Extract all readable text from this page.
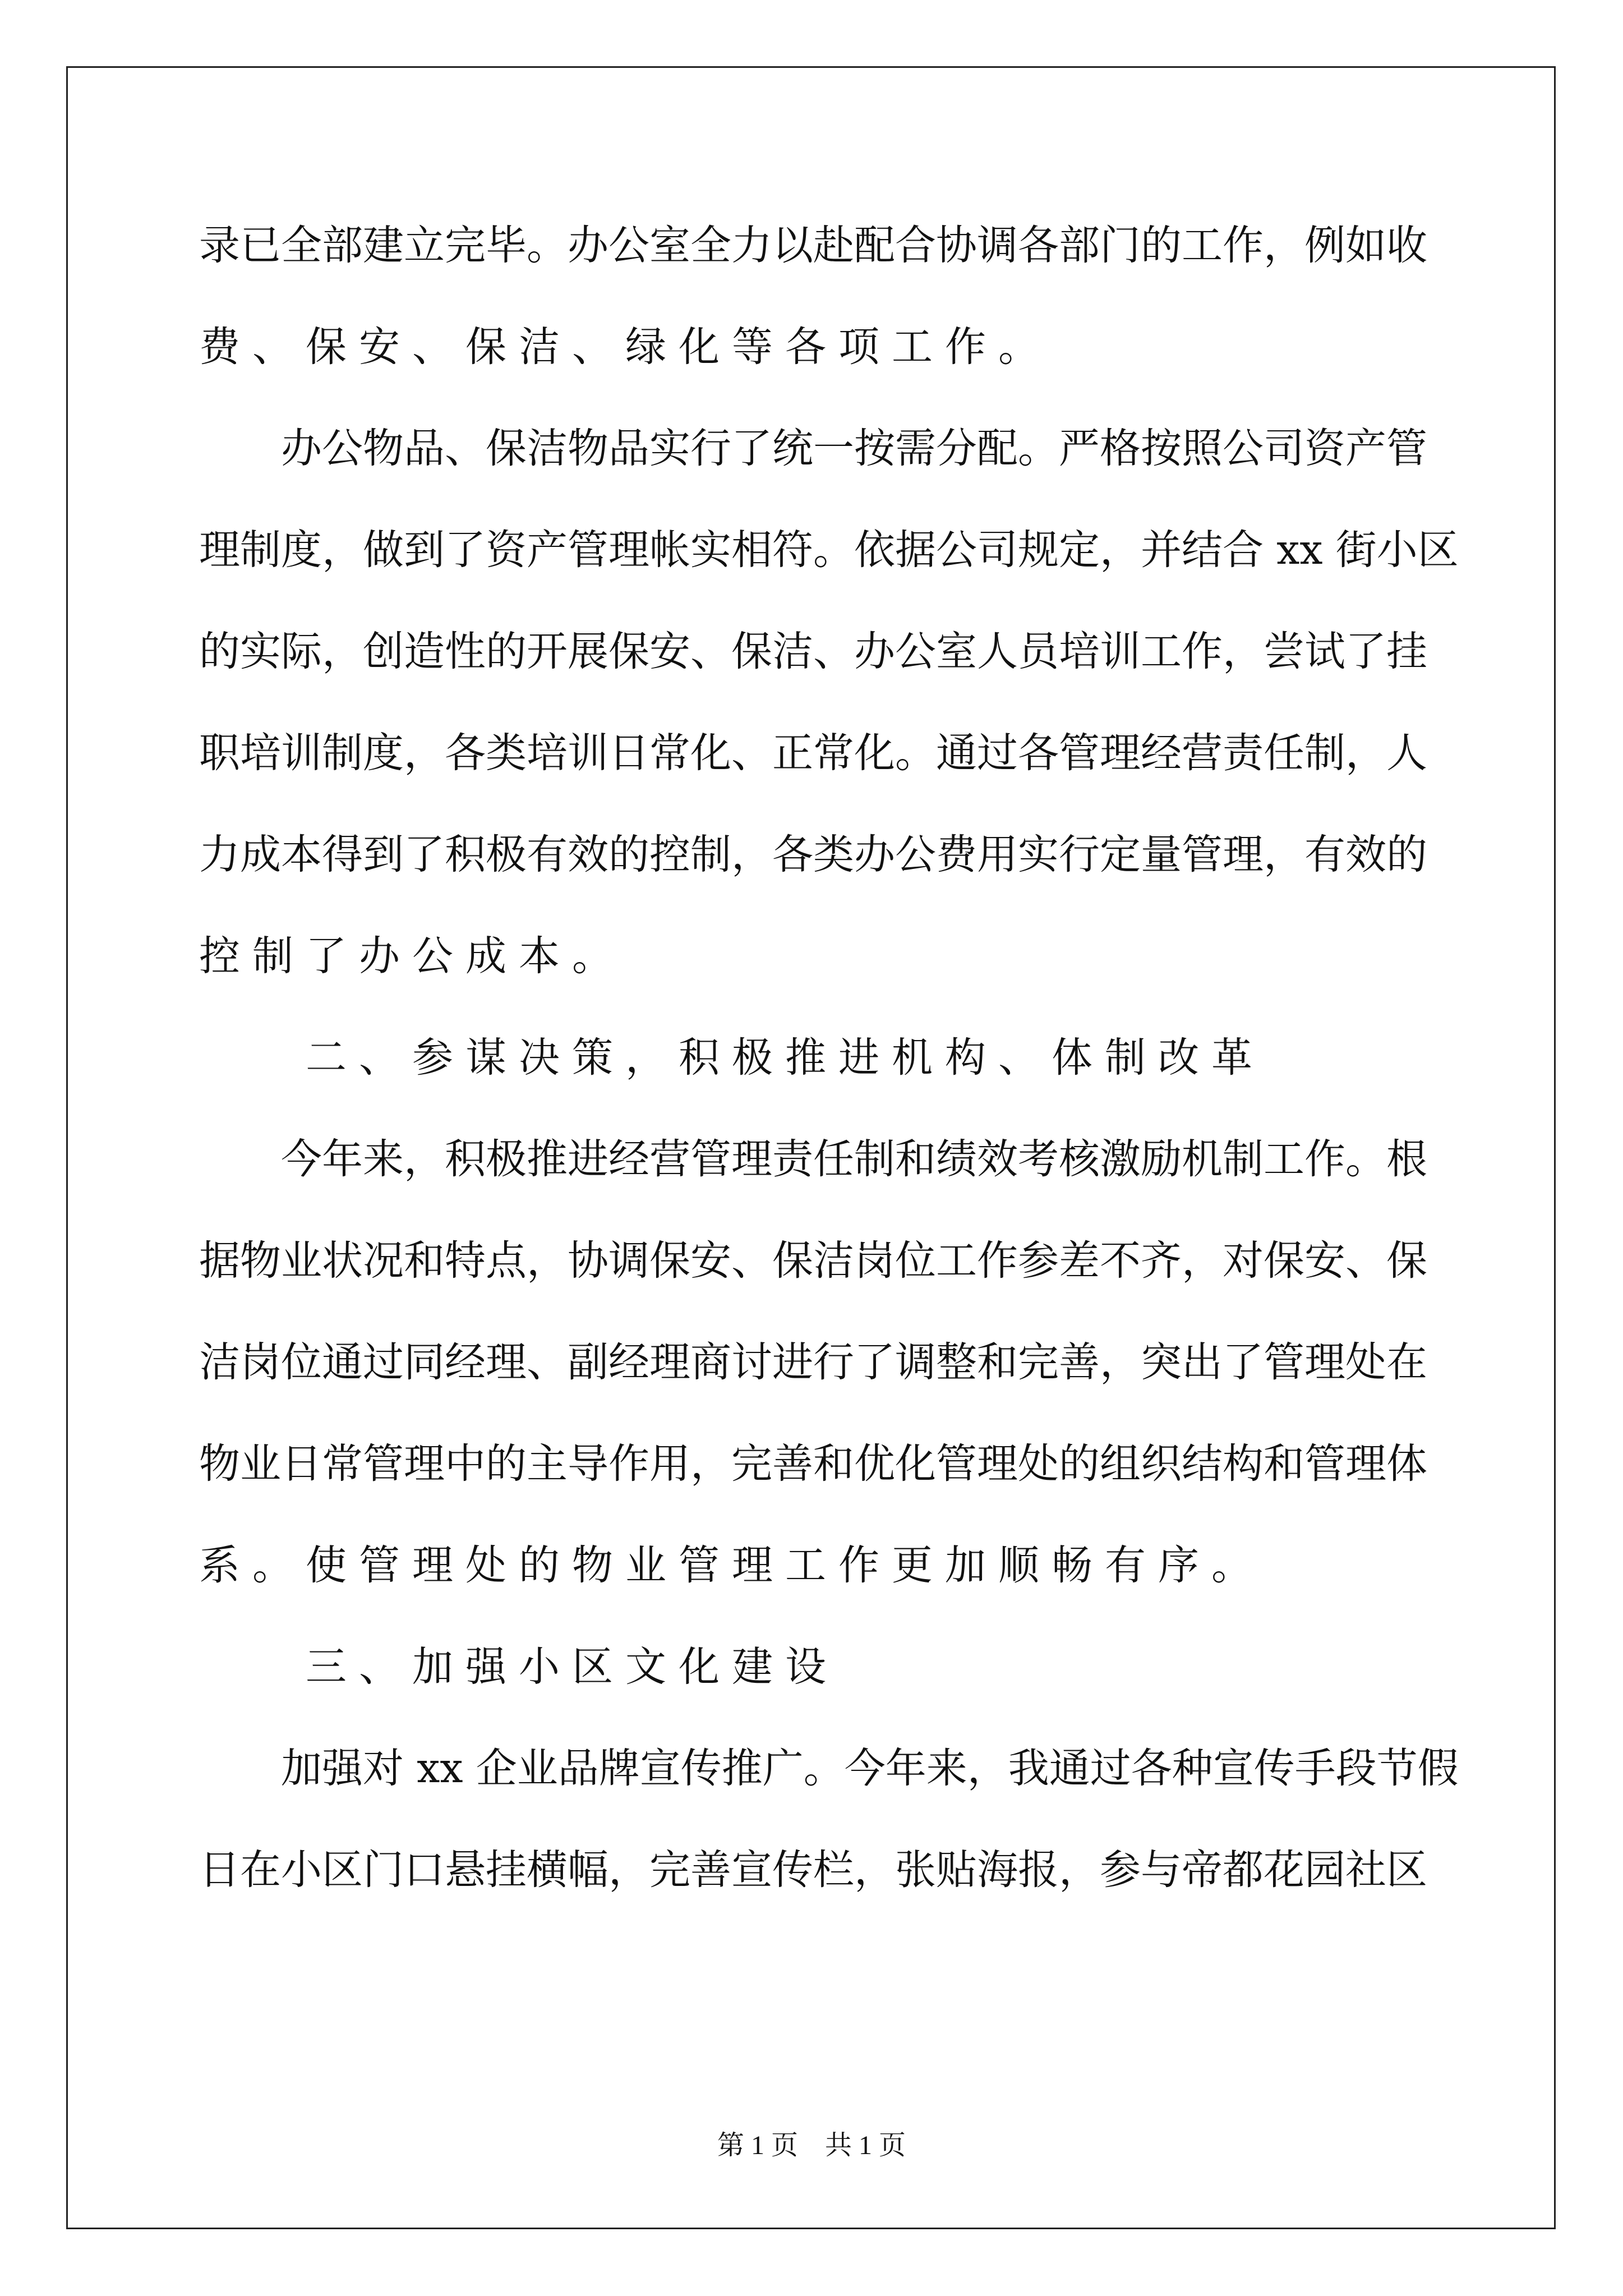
录 已 全 部 建 立 完 毕 。 办 公 室 全 力 以 赴 配 合 协 调 各 部 门 的 工 作 ， 例 如 收
费、保安、保洁、绿化等各项工作。

办 公 物 品 、 保 洁 物 品 实 行 了 统 一 按 需 分 配 。 严 格 按 照 公 司 资 产 管
理 制 度 ， 做 到 了 资 产 管 理 帐 实 相 符 。 依 据 公 司 规 定 ， 并 结 合
xx
街 小 区
的 实 际 ， 创 造 性 的 开 展 保 安 、 保 洁 、 办 公 室 人 员 培 训 工 作 ， 尝 试 了 挂
职 培 训 制 度 ， 各 类 培 训 日 常 化 、 正 常 化 。 通 过 各 管 理 经 营 责 任 制 ， 人
力 成 本 得 到 了 积 极 有 效 的 控 制 ， 各 类 办 公 费 用 实 行 定 量 管 理 ， 有 效 的
控制了办公成本。
　　二、参谋决策，积极推进机构、体制改革

今 年 来 ， 积 极 推 进 经 营 管 理 责 任 制 和 绩 效 考 核 激 励 机 制 工 作 。 根
据 物 业 状 况 和 特 点 ， 协 调 保 安 、 保 洁 岗 位 工 作 参 差 不 齐 ， 对 保 安 、 保
洁 岗 位 通 过 同 经 理 、 副 经 理 商 讨 进 行 了 调 整 和 完 善 ， 突 出 了 管 理 处 在
物 业 日 常 管 理 中 的 主 导 作 用 ， 完 善 和 优 化 管 理 处 的 组 织 结 构 和 管 理 体
系。使管理处的物业管理工作更加顺畅有序。
　　三、加强小区文化建设

加 强 对
xx
企 业 品 牌 宣 传 推 广 。 今 年 来 ， 我 通 过 各 种 宣 传 手 段 节 假
日 在 小 区 门 口 悬 挂 横 幅 ， 完 善 宣 传 栏 ， 张 贴 海 报 ， 参 与 帝 都 花 园 社 区
第 1 页　共 1 页
